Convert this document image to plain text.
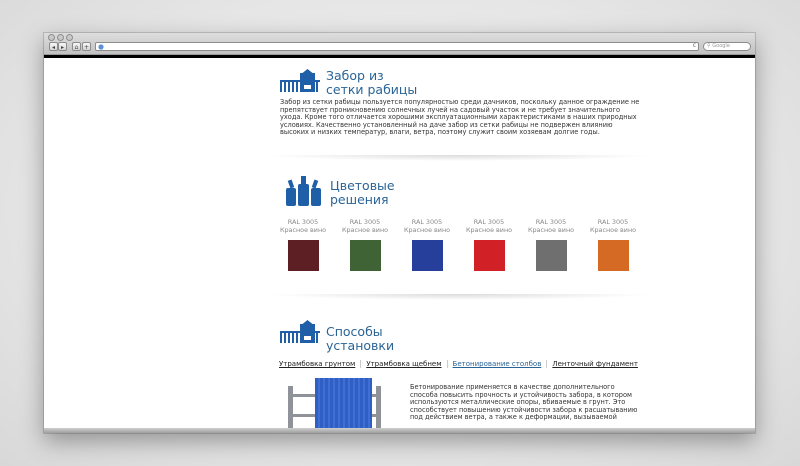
◂ ▸	⌂ +	c	⚲ Google
Забор из
сетки рабицы
Забор из сетки рабицы пользуется популярностью среди дачников, поскольку данное ограждение не препятствует проникновению солнечных лучей на садовый участок и не требует значительного ухода. Кроме того отличается хорошими эксплуатационными характеристиками в наших природных условиях. Качественно установленный на даче забор из сетки рабицы не подвержен влиянию высоких и низких температур, влаги, ветра, поэтому служит своим хозяевам долгие годы.
Цветовые
решения
RAL 3005
Красное вино
RAL 3005
Красное вино
RAL 3005
Красное вино
RAL 3005
Красное вино
RAL 3005
Красное вино
RAL 3005
Красное вино
Способы
установки
Утрамбовка грунтом	Утрамбовка щебнем	Бетонирование столбов	Ленточный фундамент
Бетонирование применяется в качестве дополнительного способа повысить прочность и устойчивость забора, в котором используются металлические опоры, вбиваемые в грунт. Это способствует повышению устойчивости забора к расшатыванию под действием ветра, а также к деформации, вызываемой
